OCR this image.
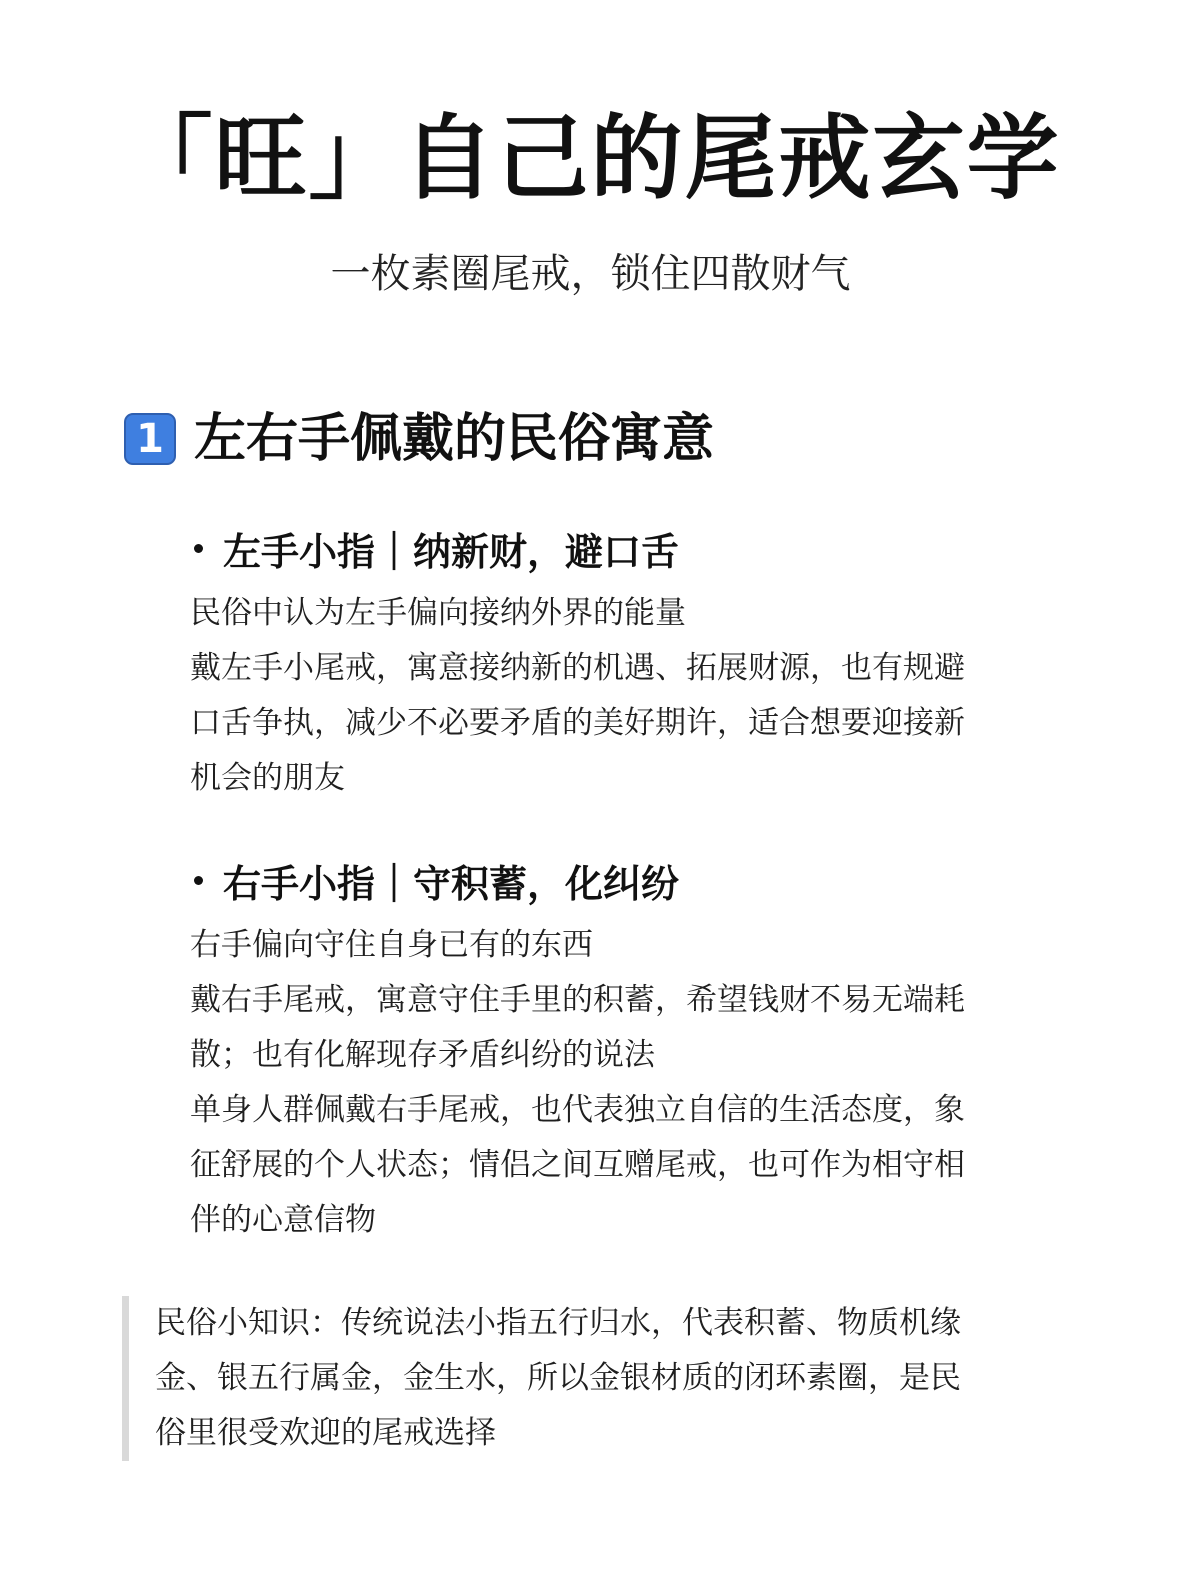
「旺」自己的尾戒玄学
一枚素圈尾戒，锁住四散财气
1 左右手佩戴的民俗寓意
左手小指｜纳新财，避口舌
民俗中认为左手偏向接纳外界的能量
戴左手小尾戒，寓意接纳新的机遇、拓展财源，也有规避
口舌争执，减少不必要矛盾的美好期许，适合想要迎接新
机会的朋友
右手小指｜守积蓄，化纠纷
右手偏向守住自身已有的东西
戴右手尾戒，寓意守住手里的积蓄，希望钱财不易无端耗
散；也有化解现存矛盾纠纷的说法
单身人群佩戴右手尾戒，也代表独立自信的生活态度，象
征舒展的个人状态；情侣之间互赠尾戒，也可作为相守相
伴的心意信物
民俗小知识：传统说法小指五行归水，代表积蓄、物质机缘
金、银五行属金，金生水，所以金银材质的闭环素圈，是民
俗里很受欢迎的尾戒选择
